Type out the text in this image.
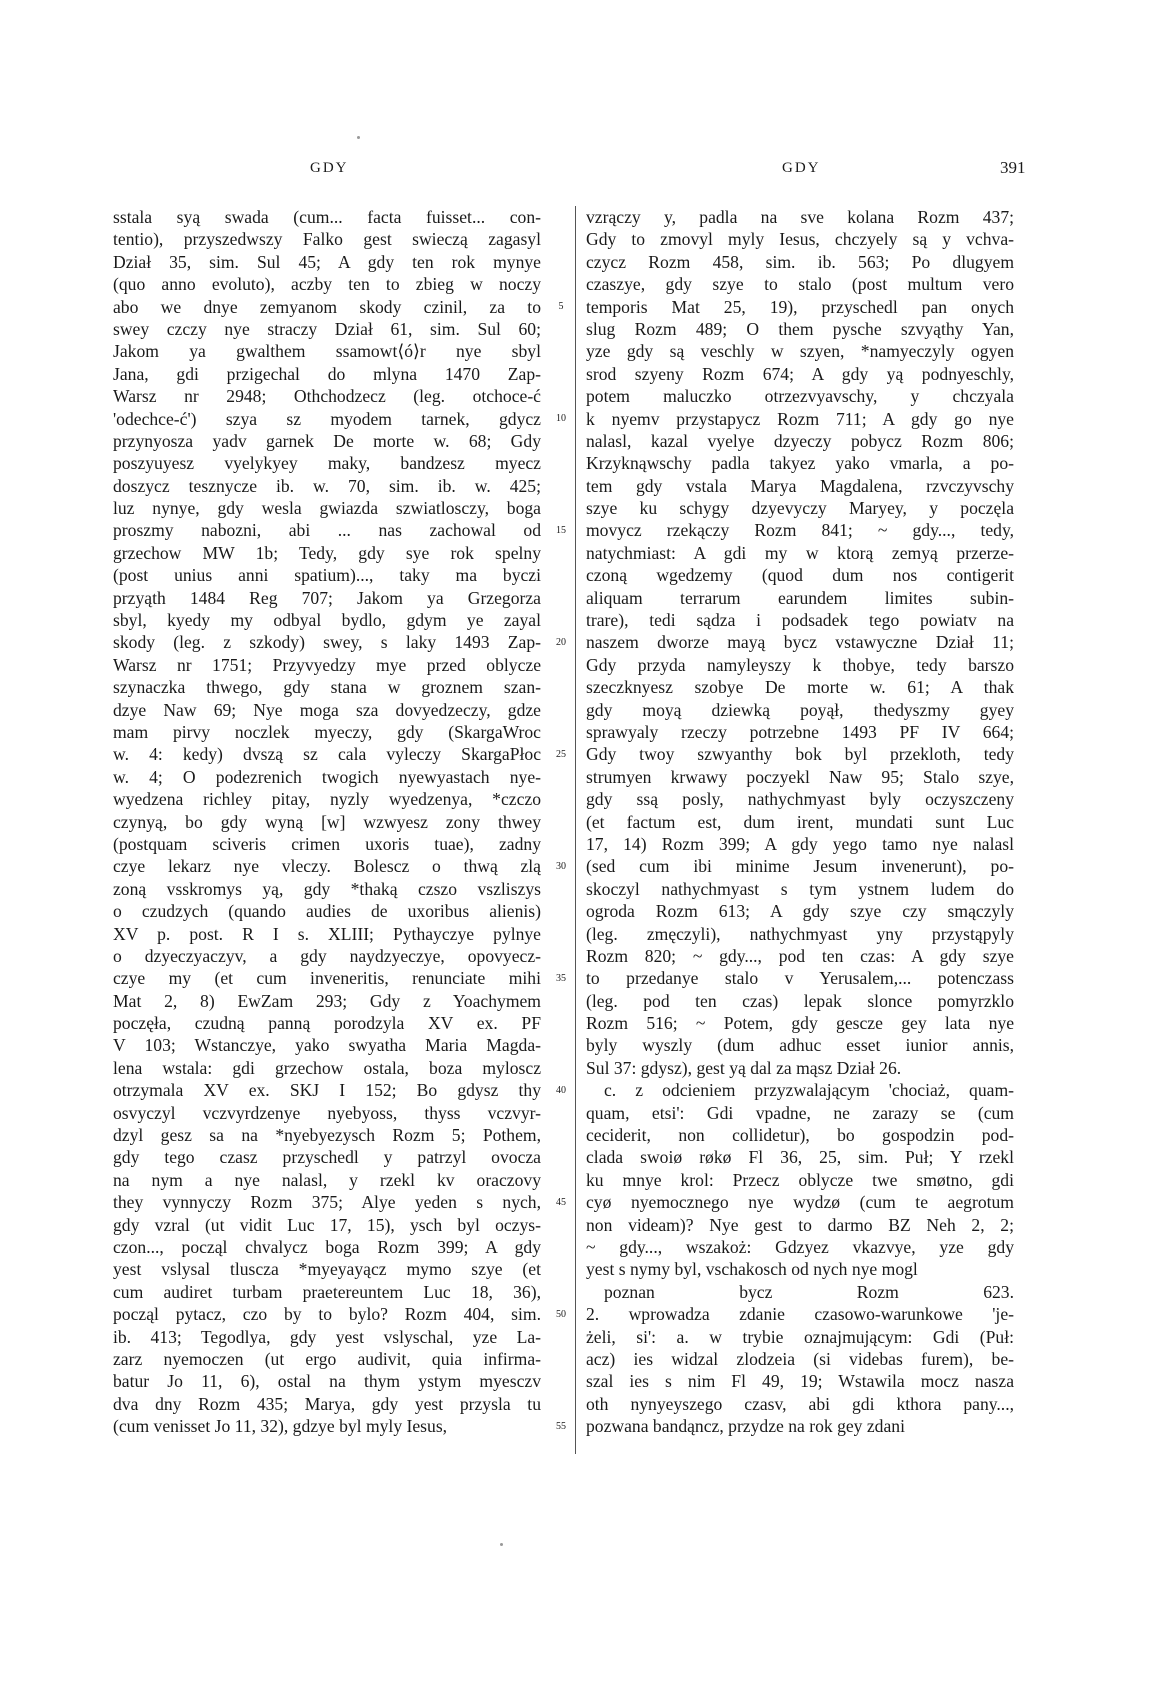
GDY	GDY	391
sstala syą swada (cum... facta fuisset... con-
tentio), przyszedwszy Falko gest swieczą zagasyl
Dział 35, sim. Sul 45; A gdy ten rok mynye
(quo anno evoluto), aczby ten to zbieg w noczy
abo we dnye zemyanom skody czinil, za to
swey czczy nye straczy Dział 61, sim. Sul 60;
Jakom ya gwalthem ssamowt⟨ó⟩r nye sbyl
Jana, gdi przigechal do mlyna 1470 Zap-
Warsz nr 2948; Othchodzecz (leg. otchoce-ć
'odechce-ć') szya sz myodem tarnek, gdycz
przynyosza yadv garnek De morte w. 68; Gdy
poszyuyesz vyelykyey maky, bandzesz myecz
doszycz tesznycze ib. w. 70, sim. ib. w. 425;
luz nynye, gdy wesla gwiazda szwiatlosczy, boga
proszmy nabozni, abi ... nas zachowal od
grzechow MW 1b; Tedy, gdy sye rok spelny
(post unius anni spatium)..., taky ma byczi
przyąth 1484 Reg 707; Jakom ya Grzegorza
sbyl, kyedy my odbyal bydlo, gdym ye zayal
skody (leg. z szkody) swey, s laky 1493 Zap-
Warsz nr 1751; Przyvyedzy mye przed oblycze
szynaczka thwego, gdy stana w groznem szan-
dzye Naw 69; Nye moga sza dovyedzeczy, gdze
mam pirvy noczlek myeczy, gdy (SkargaWroc
w. 4: kedy) dvszą sz cala vyleczy SkargaPłoc
w. 4; O podezrenich twogich nyewyastach nye-
wyedzena richley pitay, nyzly wyedzenya, *czczo
czynyą, bo gdy wyną [w] wzwyesz zony thwey
(postquam sciveris crimen uxoris tuae), zadny
czye lekarz nye vleczy. Bolescz o thwą zlą
zoną vsskromys yą, gdy *thaką czszo vszliszys
o czudzych (quando audies de uxoribus alienis)
XV p. post. R I s. XLIII; Pythayczye pylnye
o dzyeczyaczyv, a gdy naydzyeczye, opovyecz-
czye my (et cum inveneritis, renunciate mihi
Mat 2, 8) EwZam 293; Gdy z Yoachymem
poczęła, czudną panną porodzyla XV ex. PF
V 103; Wstanczye, yako swyatha Maria Magda-
lena wstala: gdi grzechow ostala, boza myloscz
otrzymala XV ex. SKJ I 152; Bo gdysz thy
osvyczyl vczvyrdzenye nyebyoss, thyss vczvyr-
dzyl gesz sa na *nyebyezysch Rozm 5; Pothem,
gdy tego czasz przyschedl y patrzyl ovocza
na nym a nye nalasl, y rzekl kv oraczovy
they vynnyczy Rozm 375; Alye yeden s nych,
gdy vzral (ut vidit Luc 17, 15), ysch byl oczys-
czon..., począl chvalycz boga Rozm 399; A gdy
yest vslysal tluscza *myeyayącz mymo szye (et
cum audiret turbam praetereuntem Luc 18, 36),
począl pytacz, czo by to bylo? Rozm 404, sim.
ib. 413; Tegodlya, gdy yest vslyschal, yze La-
zarz nyemoczen (ut ergo audivit, quia infirma-
batur Jo 11, 6), ostal na thym ystym myesczv
dva dny Rozm 435; Marya, gdy yest przysla tu
(cum venisset Jo 11, 32), gdzye byl myly Iesus,
5
10
15
20
25
30
35
40
45
50
55
vzrączy y, padla na sve kolana Rozm 437;
Gdy to zmovyl myly Iesus, chczyely są y vchva-
czycz Rozm 458, sim. ib. 563; Po dlugyem
czaszye, gdy szye to stalo (post multum vero
temporis Mat 25, 19), przyschedl pan onych
slug Rozm 489; O them pysche szvyąthy Yan,
yze gdy są veschly w szyen, *namyeczyly ogyen
srod szyeny Rozm 674; A gdy yą podnyeschly,
potem maluczko otrzezvyavschy, y chczyala
k nyemv przystapycz Rozm 711; A gdy go nye
nalasl, kazal vyelye dzyeczy pobycz Rozm 806;
Krzyknąwschy padla takyez yako vmarla, a po-
tem gdy vstala Marya Magdalena, rzvczyvschy
szye ku schygy dzyevyczy Maryey, y poczęla
movycz rzekączy Rozm 841; ~ gdy..., tedy,
natychmiast: A gdi my w ktorą zemyą przerze-
czoną wgedzemy (quod dum nos contigerit
aliquam terrarum earundem limites subin-
trare), tedi sądza i podsadek tego powiatv na
naszem dworze mayą bycz vstawyczne Dział 11;
Gdy przyda namyleyszy k thobye, tedy barszo
szeczknyesz szobye De morte w. 61; A thak
gdy moyą dziewką poyął, thedyszmy gyey
sprawyaly rzeczy potrzebne 1493 PF IV 664;
Gdy twoy szwyanthy bok byl przekloth, tedy
strumyen krwawy poczyekl Naw 95; Stalo szye,
gdy ssą posly, nathychmyast byly oczyszczeny
(et factum est, dum irent, mundati sunt Luc
17, 14) Rozm 399; A gdy yego tamo nye nalasl
(sed cum ibi minime Jesum invenerunt), po-
skoczyl nathychmyast s tym ystnem ludem do
ogroda Rozm 613; A gdy szye czy smączyly
(leg. zmęczyli), nathychmyast yny przystąpyly
Rozm 820; ~ gdy..., pod ten czas: A gdy szye
to przedanye stalo v Yerusalem,... potenczass
(leg. pod ten czas) lepak slonce pomyrzklo
Rozm 516; ~ Potem, gdy gescze gey lata nye
byly wyszly (dum adhuc esset iunior annis,
Sul 37: gdysz), gest yą dal za mąsz Dział 26.
c. z odcieniem przyzwalającym 'chociaż, quam-
quam, etsi': Gdi vpadne, ne zarazy se (cum
ceciderit, non collidetur), bo gospodzin pod-
clada swoiø røkø Fl 36, 25, sim. Puł; Y rzekl
ku mnye krol: Przecz oblycze twe smøtno, gdi
cyø nyemocznego nye wydzø (cum te aegrotum
non videam)? Nye gest to darmo BZ Neh 2, 2;
~ gdy..., wszakoż: Gdzyez vkazvye, yze gdy
yest s nymy byl, vschakosch od nych nye mogl
poznan bycz Rozm 623.
2. wprowadza zdanie czasowo-warunkowe 'je-
żeli, si': a. w trybie oznajmującym: Gdi (Puł:
acz) ies widzal zlodzeia (si videbas furem), be-
szal ies s nim Fl 49, 19; Wstawila mocz nasza
oth nynyeyszego czasv, abi gdi kthora pany...,
pozwana bandąncz, przydze na rok gey zdani
